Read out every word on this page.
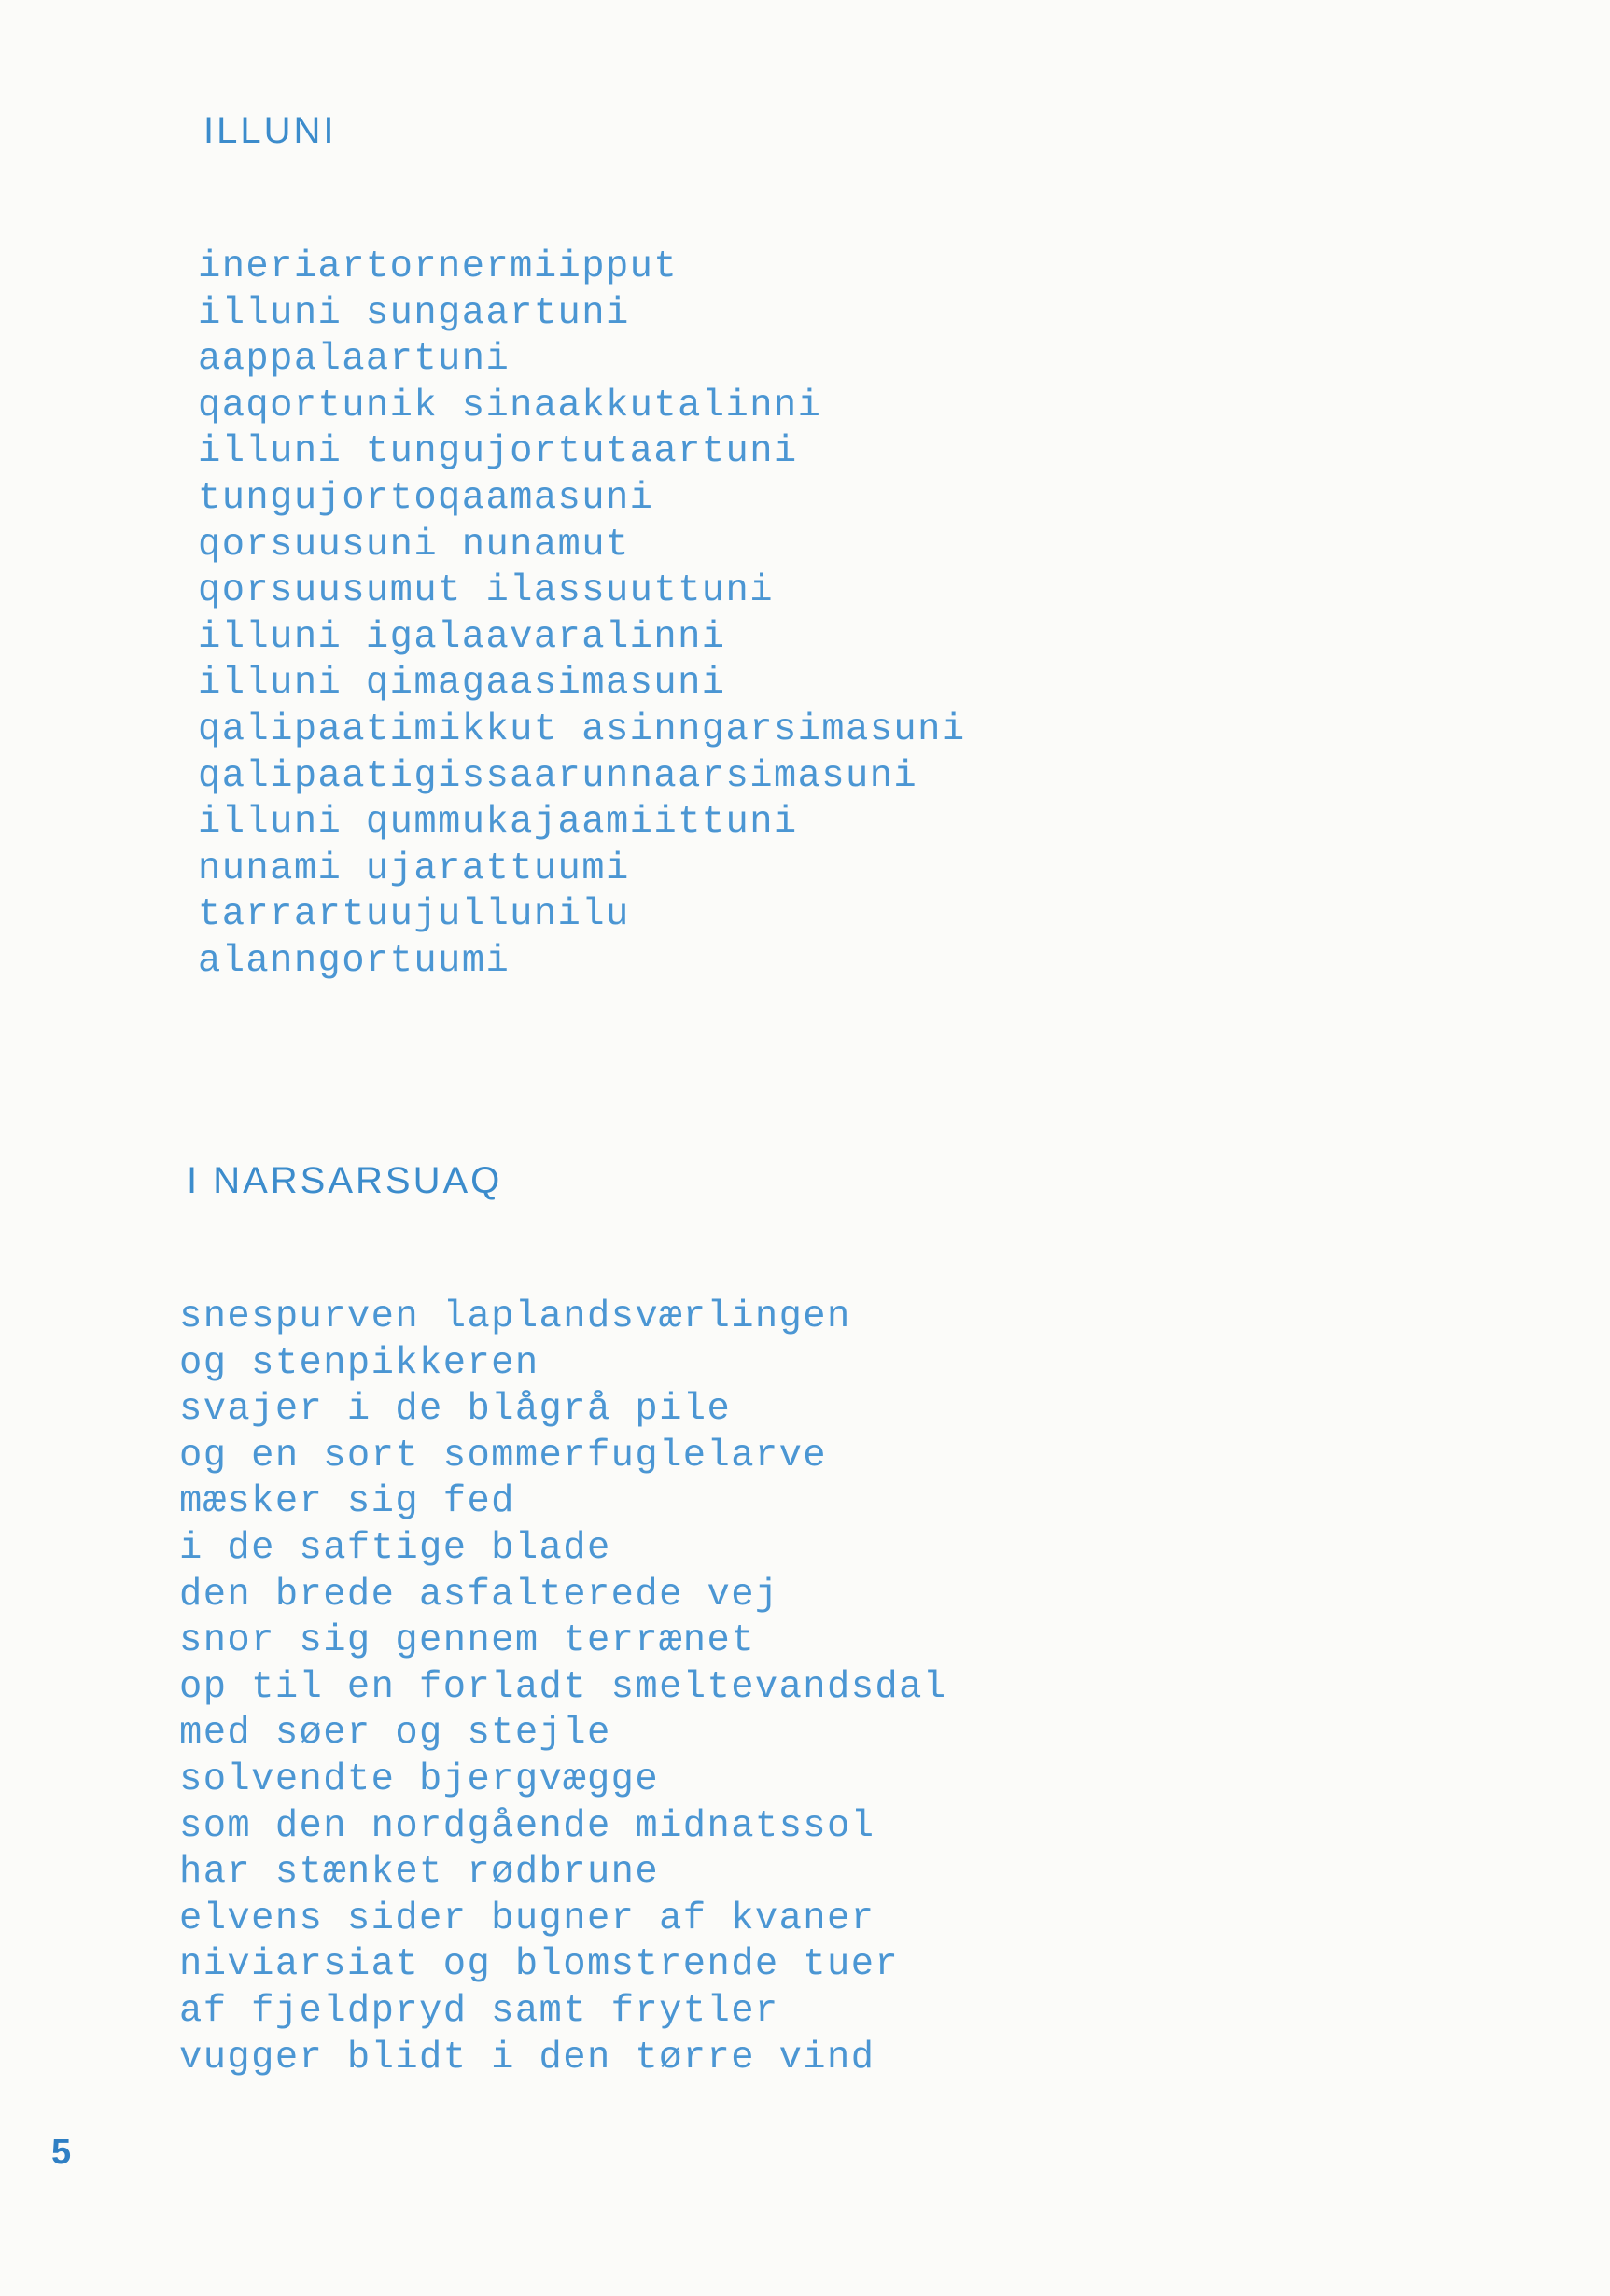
ILLUNI
ineriartornermiipput
illuni sungaartuni
aappalaartuni
qaqortunik sinaakkutalinni
illuni tungujortutaartuni
tungujortoqaamasuni
qorsuusuni nunamut
qorsuusumut ilassuuttuni
illuni igalaavaralinni
illuni qimagaasimasuni
qalipaatimikkut asinngarsimasuni
qalipaatigissaarunnaarsimasuni
illuni qummukajaamiittuni
nunami ujarattuumi
tarrartuujullunilu
alanngortuumi
I NARSARSUAQ
snespurven laplandsværlingen
og stenpikkeren
svajer i de blågrå pile
og en sort sommerfuglelarve
mæsker sig fed
i de saftige blade
den brede asfalterede vej
snor sig gennem terrænet
op til en forladt smeltevandsdal
med søer og stejle
solvendte bjergvægge
som den nordgående midnatssol
har stænket rødbrune
elvens sider bugner af kvaner
niviarsiat og blomstrende tuer
af fjeldpryd samt frytler
vugger blidt i den tørre vind
5
